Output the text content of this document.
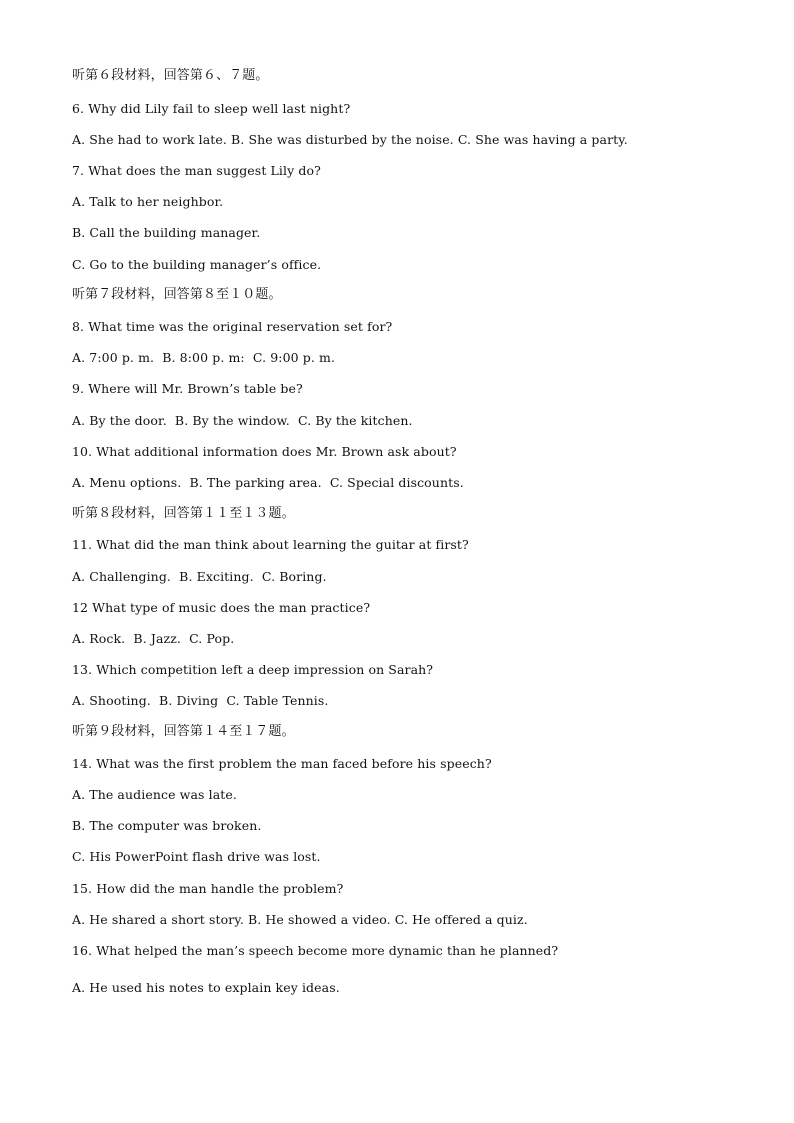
听第６段材料，回答第６、７题。
6. Why did Lily fail to sleep well last night?
A. She had to work late. B. She was disturbed by the noise. C. She was having a party.
7. What does the man suggest Lily do?
A. Talk to her neighbor.
B. Call the building manager.
C. Go to the building manager’s office.
听第７段材料，回答第８至１０题。
8. What time was the original reservation set for?
A. 7:00 p. m.  B. 8:00 p. m:  C. 9:00 p. m.
9. Where will Mr. Brown’s table be?
A. By the door.  B. By the window.  C. By the kitchen.
10. What additional information does Mr. Brown ask about?
A. Menu options.  B. The parking area.  C. Special discounts.
听第８段材料，回答第１１至１３题。
11. What did the man think about learning the guitar at first?
A. Challenging.  B. Exciting.  C. Boring.
12 What type of music does the man practice?
A. Rock.  B. Jazz.  C. Pop.
13. Which competition left a deep impression on Sarah?
A. Shooting.  B. Diving  C. Table Tennis.
听第９段材料，回答第１４至１７题。
14. What was the first problem the man faced before his speech?
A. The audience was late.
B. The computer was broken.
C. His PowerPoint flash drive was lost.
15. How did the man handle the problem?
A. He shared a short story. B. He showed a video. C. He offered a quiz.
16. What helped the man’s speech become more dynamic than he planned?
A. He used his notes to explain key ideas.
